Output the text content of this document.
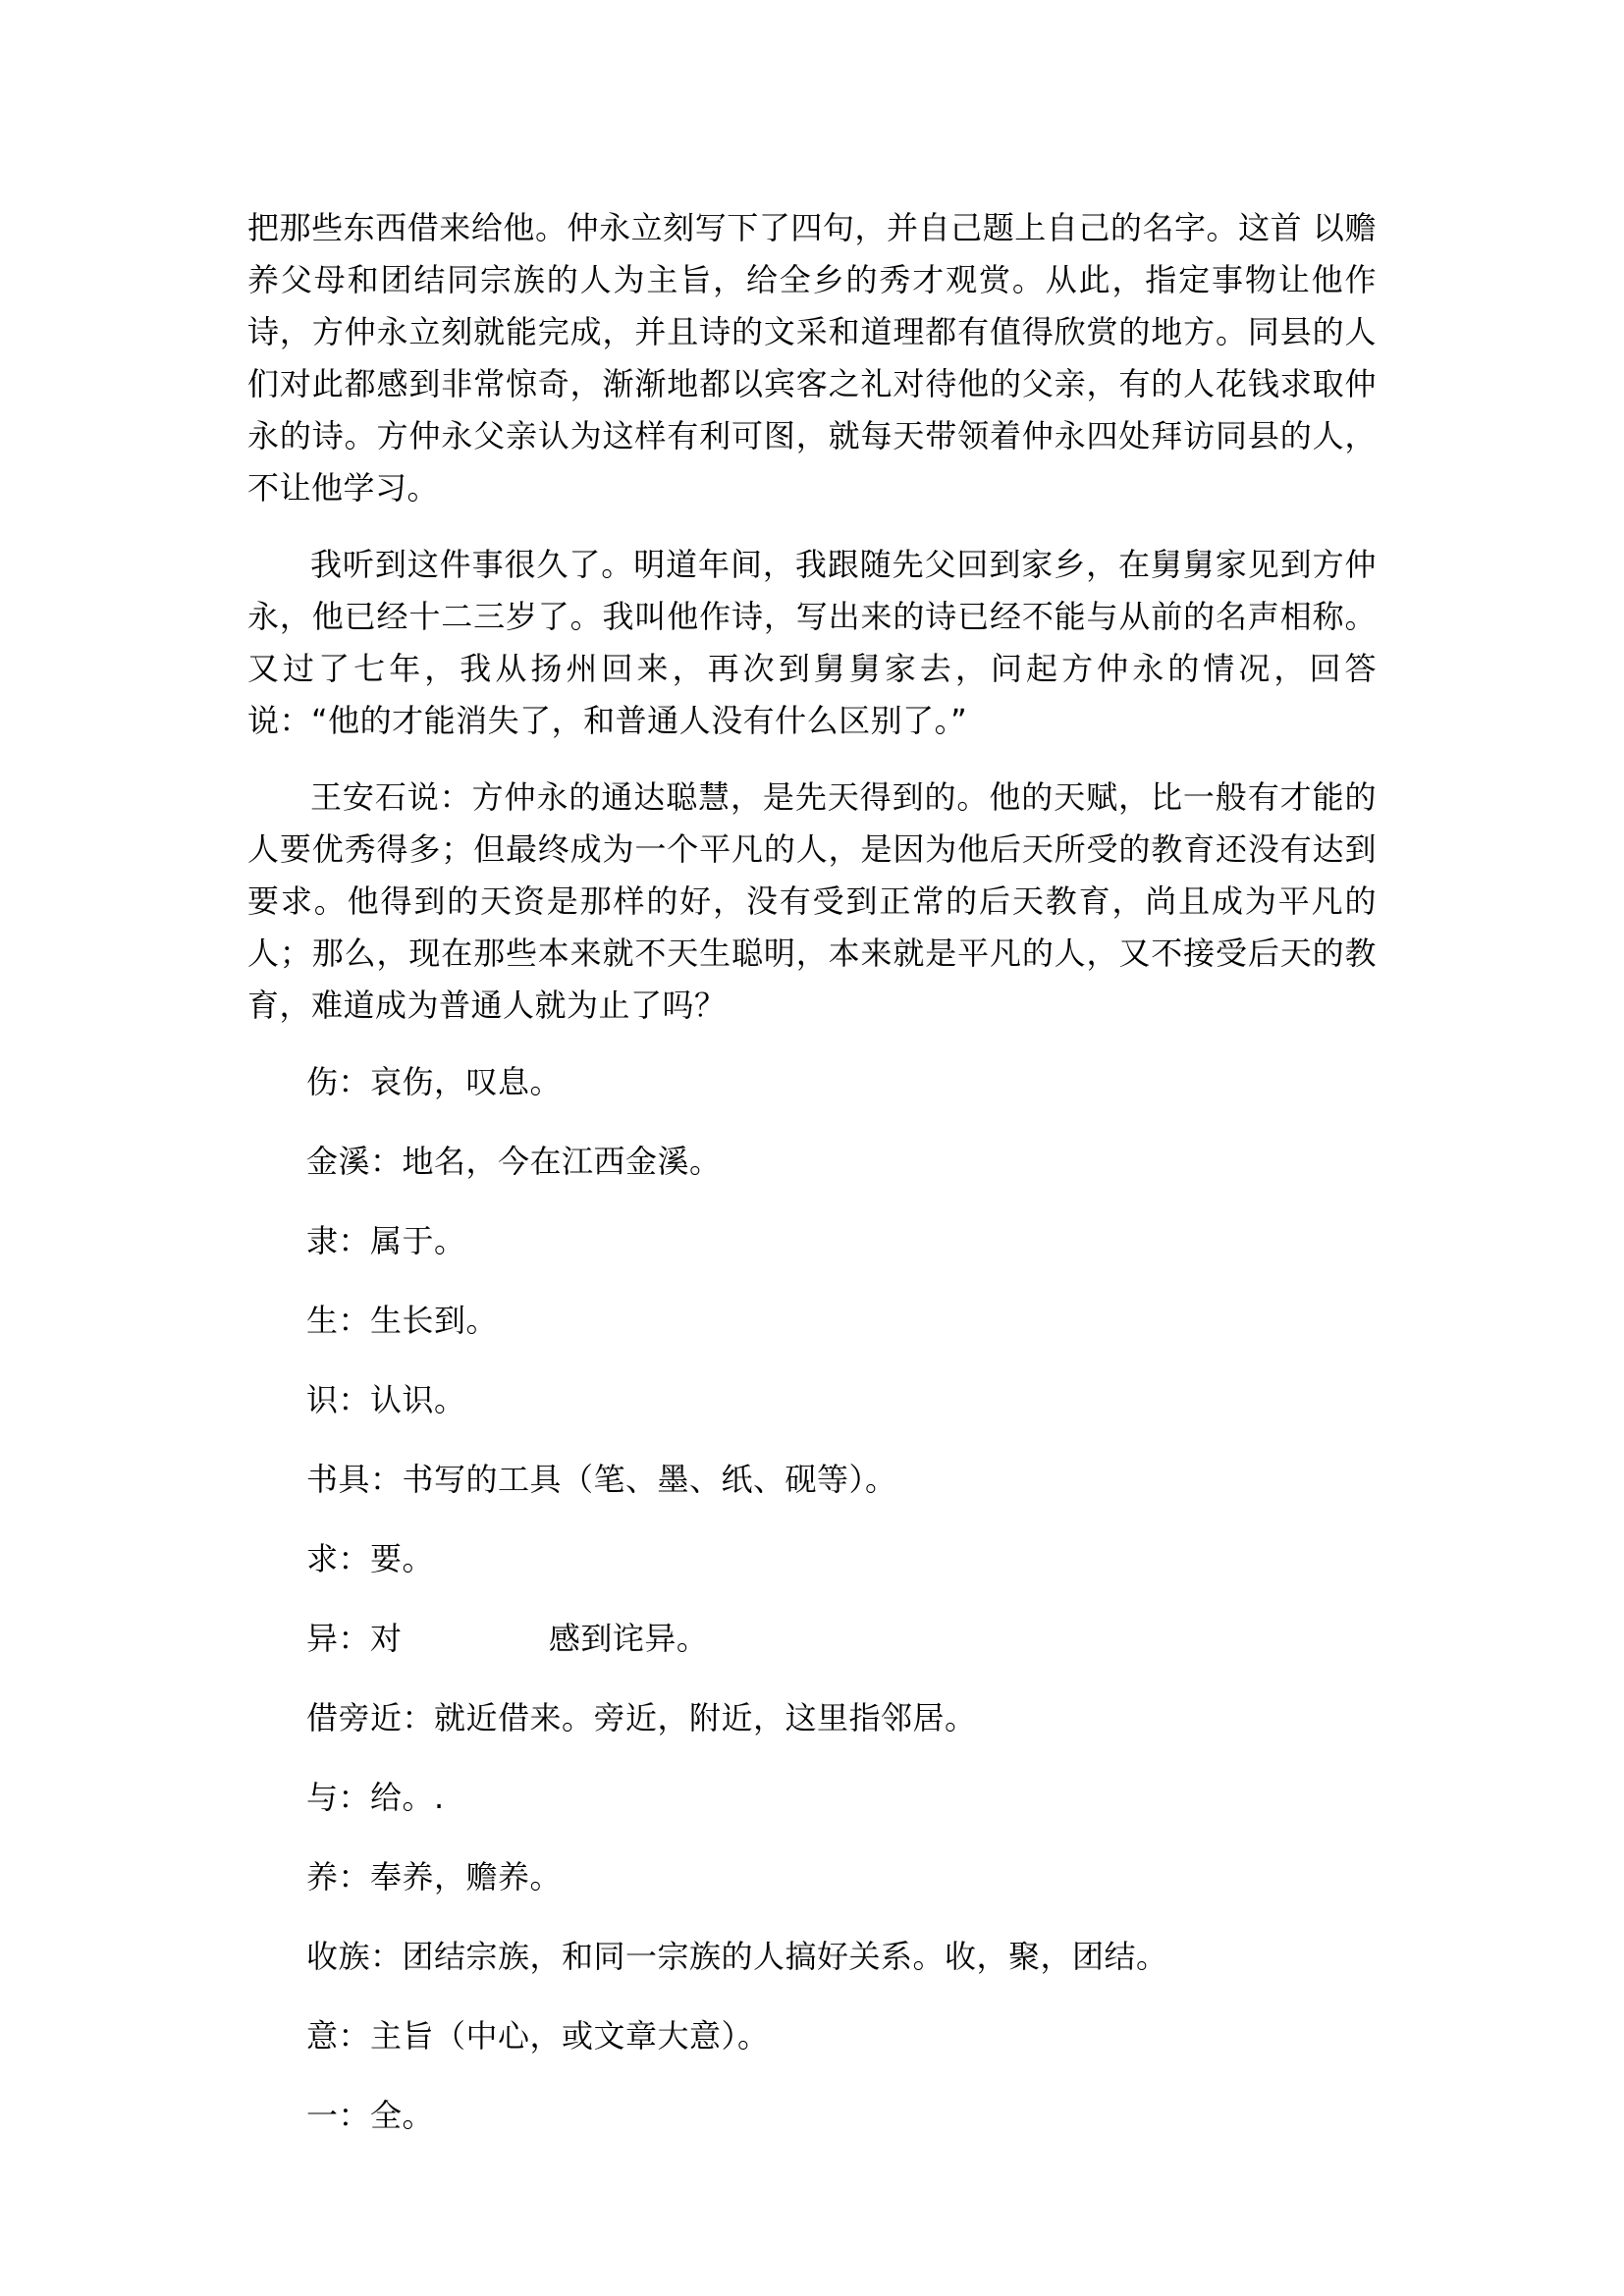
把那些东西借来给他。仲永立刻写下了四句，并自己题上自己的名字。这首 以赡养父母和团结同宗族的人为主旨，给全乡的秀才观赏。从此，指定事物让他作诗，方仲永立刻就能完成，并且诗的文采和道理都有值得欣赏的地方。同县的人们对此都感到非常惊奇，渐渐地都以宾客之礼对待他的父亲，有的人花钱求取仲永的诗。方仲永父亲认为这样有利可图，就每天带领着仲永四处拜访同县的人，不让他学习。

我听到这件事很久了。明道年间，我跟随先父回到家乡，在舅舅家见到方仲永，他已经十二三岁了。我叫他作诗，写出来的诗已经不能与从前的名声相称。又过了七年，我从扬州回来，再次到舅舅家去，问起方仲永的情况，回答说：“他的才能消失了，和普通人没有什么区别了。”

王安石说：方仲永的通达聪慧，是先天得到的。他的天赋，比一般有才能的人要优秀得多；但最终成为一个平凡的人，是因为他后天所受的教育还没有达到要求。他得到的天资是那样的好，没有受到正常的后天教育，尚且成为平凡的人；那么，现在那些本来就不天生聪明，本来就是平凡的人，又不接受后天的教育，难道成为普通人就为止了吗？

伤：哀伤，叹息。
金溪：地名，今在江西金溪。
隶：属于。
生：生长到。
识：认识。
书具：书写的工具（笔、墨、纸、砚等）。
求：要。
异：对              感到诧异。
借旁近：就近借来。旁近，附近，这里指邻居。
与：给。.
养：奉养，赡养。
收族：团结宗族，和同一宗族的人搞好关系。收，聚，团结。
意：主旨（中心，或文章大意）。
一：全。
